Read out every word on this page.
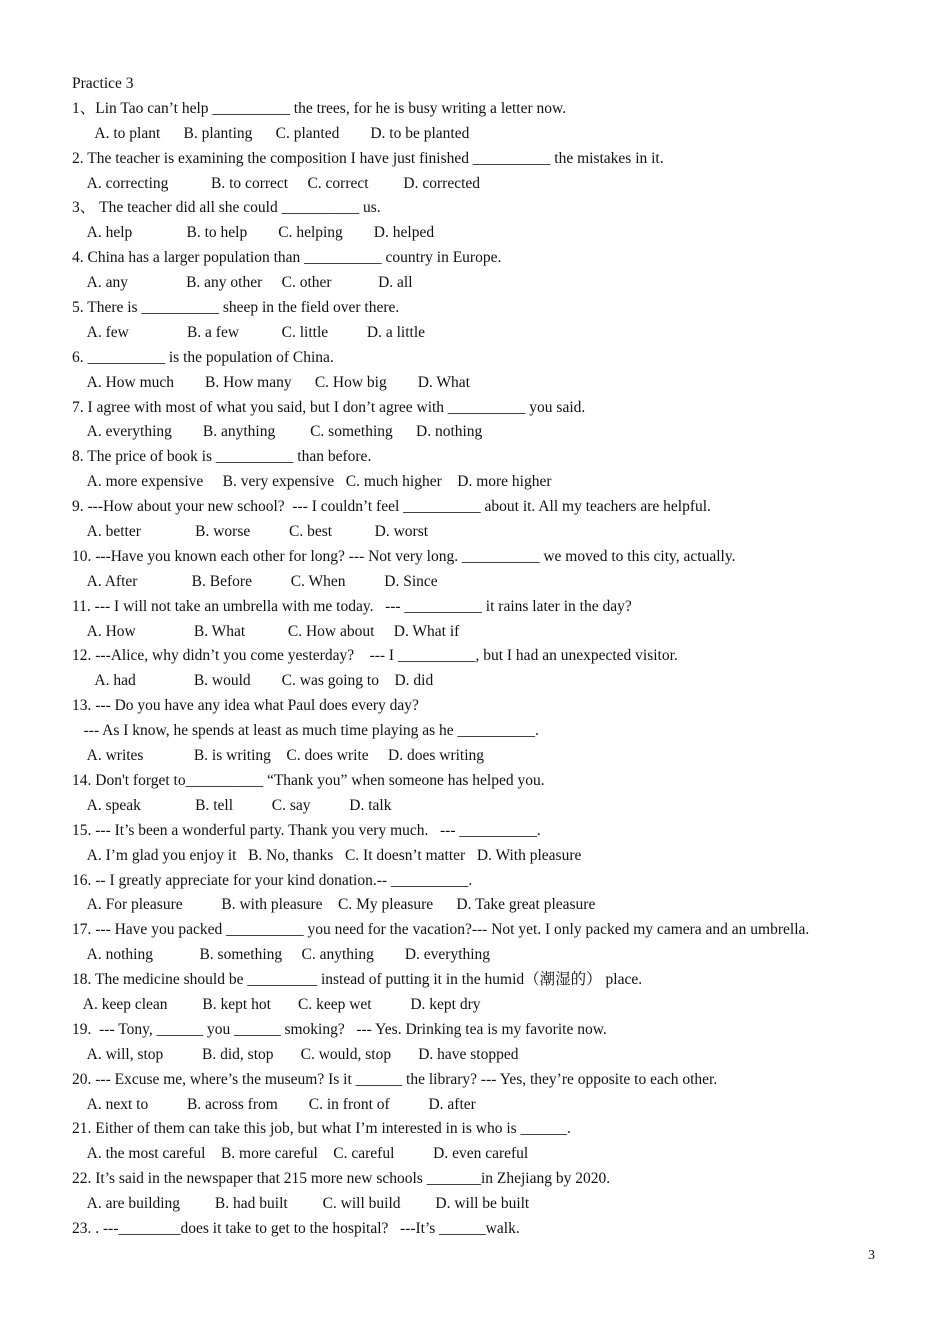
Practice 3
1、Lin Tao can’t help __________ the trees, for he is busy writing a letter now.
A. to plant      B. planting      C. planted        D. to be planted
2. The teacher is examining the composition I have just finished __________ the mistakes in it.
A. correcting           B. to correct     C. correct         D. corrected
3、 The teacher did all she could __________ us.
A. help              B. to help        C. helping        D. helped
4. China has a larger population than __________ country in Europe.
A. any               B. any other     C. other            D. all
5. There is __________ sheep in the field over there.
A. few               B. a few           C. little          D. a little
6. __________ is the population of China.
A. How much        B. How many      C. How big        D. What
7. I agree with most of what you said, but I don’t agree with __________ you said.
A. everything        B. anything         C. something      D. nothing
8. The price of book is __________ than before.
A. more expensive     B. very expensive   C. much higher    D. more higher
9. ---How about your new school?  --- I couldn’t feel __________ about it. All my teachers are helpful.
A. better              B. worse          C. best           D. worst
10. ---Have you known each other for long? --- Not very long. __________ we moved to this city, actually.
A. After              B. Before          C. When          D. Since
11. --- I will not take an umbrella with me today.   --- __________ it rains later in the day?
A. How               B. What           C. How about     D. What if
12. ---Alice, why didn’t you come yesterday?    --- I __________, but I had an unexpected visitor.
A. had               B. would        C. was going to    D. did
13. --- Do you have any idea what Paul does every day?
--- As I know, he spends at least as much time playing as he __________.
A. writes             B. is writing    C. does write     D. does writing
14. Don't forget to__________ “Thank you” when someone has helped you.
A. speak              B. tell          C. say          D. talk
15. --- It’s been a wonderful party. Thank you very much.   --- __________.
A. I’m glad you enjoy it   B. No, thanks   C. It doesn’t matter   D. With pleasure
16. -- I greatly appreciate for your kind donation.-- __________.
A. For pleasure          B. with pleasure    C. My pleasure      D. Take great pleasure
17. --- Have you packed __________ you need for the vacation?--- Not yet. I only packed my camera and an umbrella.
A. nothing            B. something     C. anything        D. everything
18. The medicine should be _________ instead of putting it in the humid（潮湿的） place.
A. keep clean         B. kept hot       C. keep wet          D. kept dry
19.  --- Tony, ______ you ______ smoking?   --- Yes. Drinking tea is my favorite now.
A. will, stop          B. did, stop       C. would, stop       D. have stopped
20. --- Excuse me, where’s the museum? Is it ______ the library? --- Yes, they’re opposite to each other.
A. next to          B. across from        C. in front of          D. after
21. Either of them can take this job, but what I’m interested in is who is ______.
A. the most careful    B. more careful    C. careful          D. even careful
22. It’s said in the newspaper that 215 more new schools _______in Zhejiang by 2020.
A. are building         B. had built         C. will build         D. will be built
23. . ---________does it take to get to the hospital?   ---It’s ______walk.
3
